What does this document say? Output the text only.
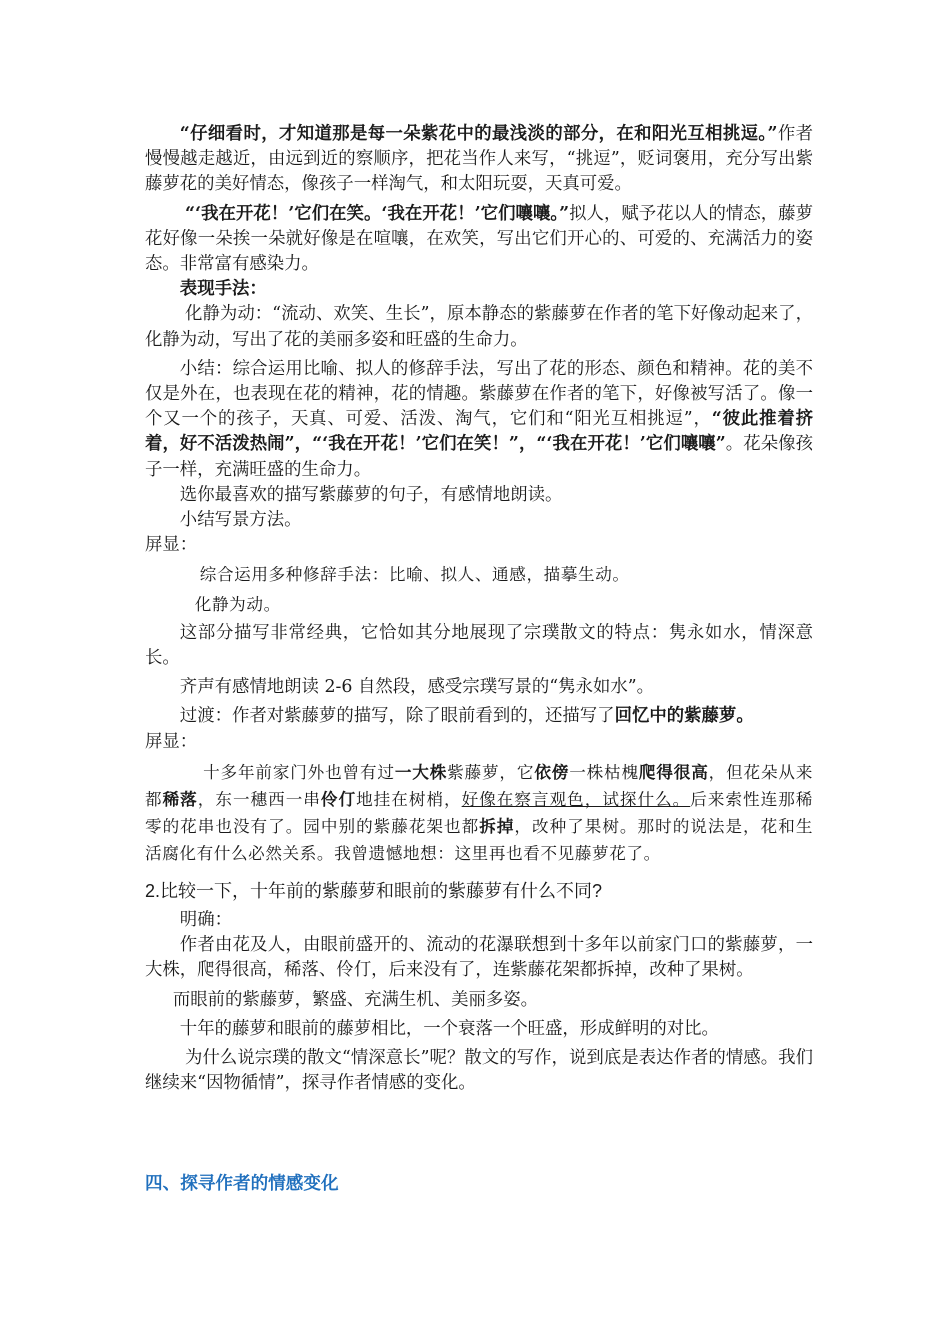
“仔细看时，才知道那是每一朵紫花中的最浅淡的部分，在和阳光互相挑逗。”作者慢慢越走越近，由远到近的察顺序，把花当作人来写，“挑逗”，贬词褒用，充分写出紫藤萝花的美好情态，像孩子一样淘气，和太阳玩耍，天真可爱。

“‘我在开花！’它们在笑。‘我在开花！’它们嚷嚷。”拟人，赋予花以人的情态，藤萝花好像一朵挨一朵就好像是在喧嚷，在欢笑，写出它们开心的、可爱的、充满活力的姿态。非常富有感染力。

表现手法：

化静为动：“流动、欢笑、生长”，原本静态的紫藤萝在作者的笔下好像动起来了，化静为动，写出了花的美丽多姿和旺盛的生命力。

小结：综合运用比喻、拟人的修辞手法，写出了花的形态、颜色和精神。花的美不仅是外在，也表现在花的精神，花的情趣。紫藤萝在作者的笔下，好像被写活了。像一个又一个的孩子，天真、可爱、活泼、淘气，它们和“阳光互相挑逗”，“彼此推着挤着，好不活泼热闹”，“‘我在开花！’它们在笑！”，“‘我在开花！’它们嚷嚷”。花朵像孩子一样，充满旺盛的生命力。

选你最喜欢的描写紫藤萝的句子，有感情地朗读。

小结写景方法。

屏显：

综合运用多种修辞手法：比喻、拟人、通感，描摹生动。

化静为动。

这部分描写非常经典，它恰如其分地展现了宗璞散文的特点：隽永如水，情深意长。

齐声有感情地朗读 2-6 自然段，感受宗璞写景的“隽永如水”。

过渡：作者对紫藤萝的描写，除了眼前看到的，还描写了回忆中的紫藤萝。

屏显：

十多年前家门外也曾有过一大株紫藤萝，它依傍一株枯槐爬得很高，但花朵从来都稀落，东一穗西一串伶仃地挂在树梢，好像在察言观色，试探什么。后来索性连那稀零的花串也没有了。园中别的紫藤花架也都拆掉，改种了果树。那时的说法是，花和生活腐化有什么必然关系。我曾遗憾地想：这里再也看不见藤萝花了。

2.比较一下，十年前的紫藤萝和眼前的紫藤萝有什么不同?

明确：

作者由花及人，由眼前盛开的、流动的花瀑联想到十多年以前家门口的紫藤萝，一大株，爬得很高，稀落、伶仃，后来没有了，连紫藤花架都拆掉，改种了果树。

而眼前的紫藤萝，繁盛、充满生机、美丽多姿。

十年的藤萝和眼前的藤萝相比，一个衰落一个旺盛，形成鲜明的对比。

为什么说宗璞的散文“情深意长”呢？散文的写作，说到底是表达作者的情感。我们继续来“因物循情”，探寻作者情感的变化。

四、探寻作者的情感变化
